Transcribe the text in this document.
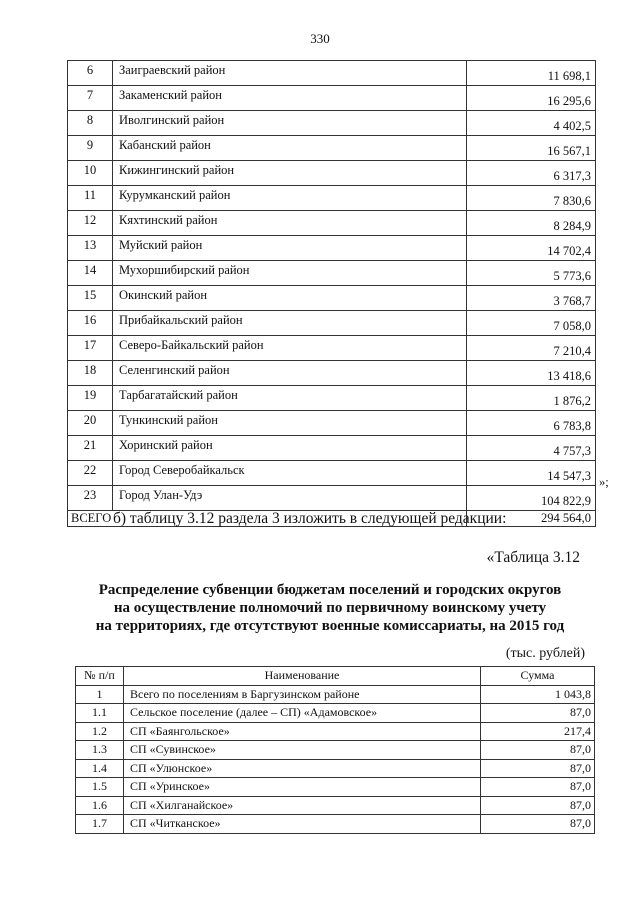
330
6	Заиграевский район	11 698,1
7	Закаменский район	16 295,6
8	Иволгинский район	4 402,5
9	Кабанский район	16 567,1
10	Кижингинский район	6 317,3
11	Курумканский район	7 830,6
12	Кяхтинский район	8 284,9
13	Муйский район	14 702,4
14	Мухоршибирский район	5 773,6
15	Окинский район	3 768,7
16	Прибайкальский район	7 058,0
17	Северо-Байкальский район	7 210,4
18	Селенгинский район	13 418,6
19	Тарбагатайский район	1 876,2
20	Тункинский район	6 783,8
21	Хоринский район	4 757,3
22	Город Северобайкальск	14 547,3
23	Город Улан-Удэ	104 822,9
ВСЕГО		294 564,0
»;
б) таблицу 3.12 раздела 3 изложить в следующей редакции:
«Таблица 3.12
Распределение субвенции бюджетам поселений и городских округов
на осуществление полномочий по первичному воинскому учету
на территориях, где отсутствуют военные комиссариаты, на 2015 год
(тыс. рублей)
№ п/п	Наименование	Сумма
1	Всего по поселениям в Баргузинском районе	1 043,8
1.1	Сельское поселение (далее – СП) «Адамовское»	87,0
1.2	СП «Баянгольское»	217,4
1.3	СП «Сувинское»	87,0
1.4	СП «Улюнское»	87,0
1.5	СП «Уринское»	87,0
1.6	СП «Хилганайское»	87,0
1.7	СП «Читканское»	87,0
